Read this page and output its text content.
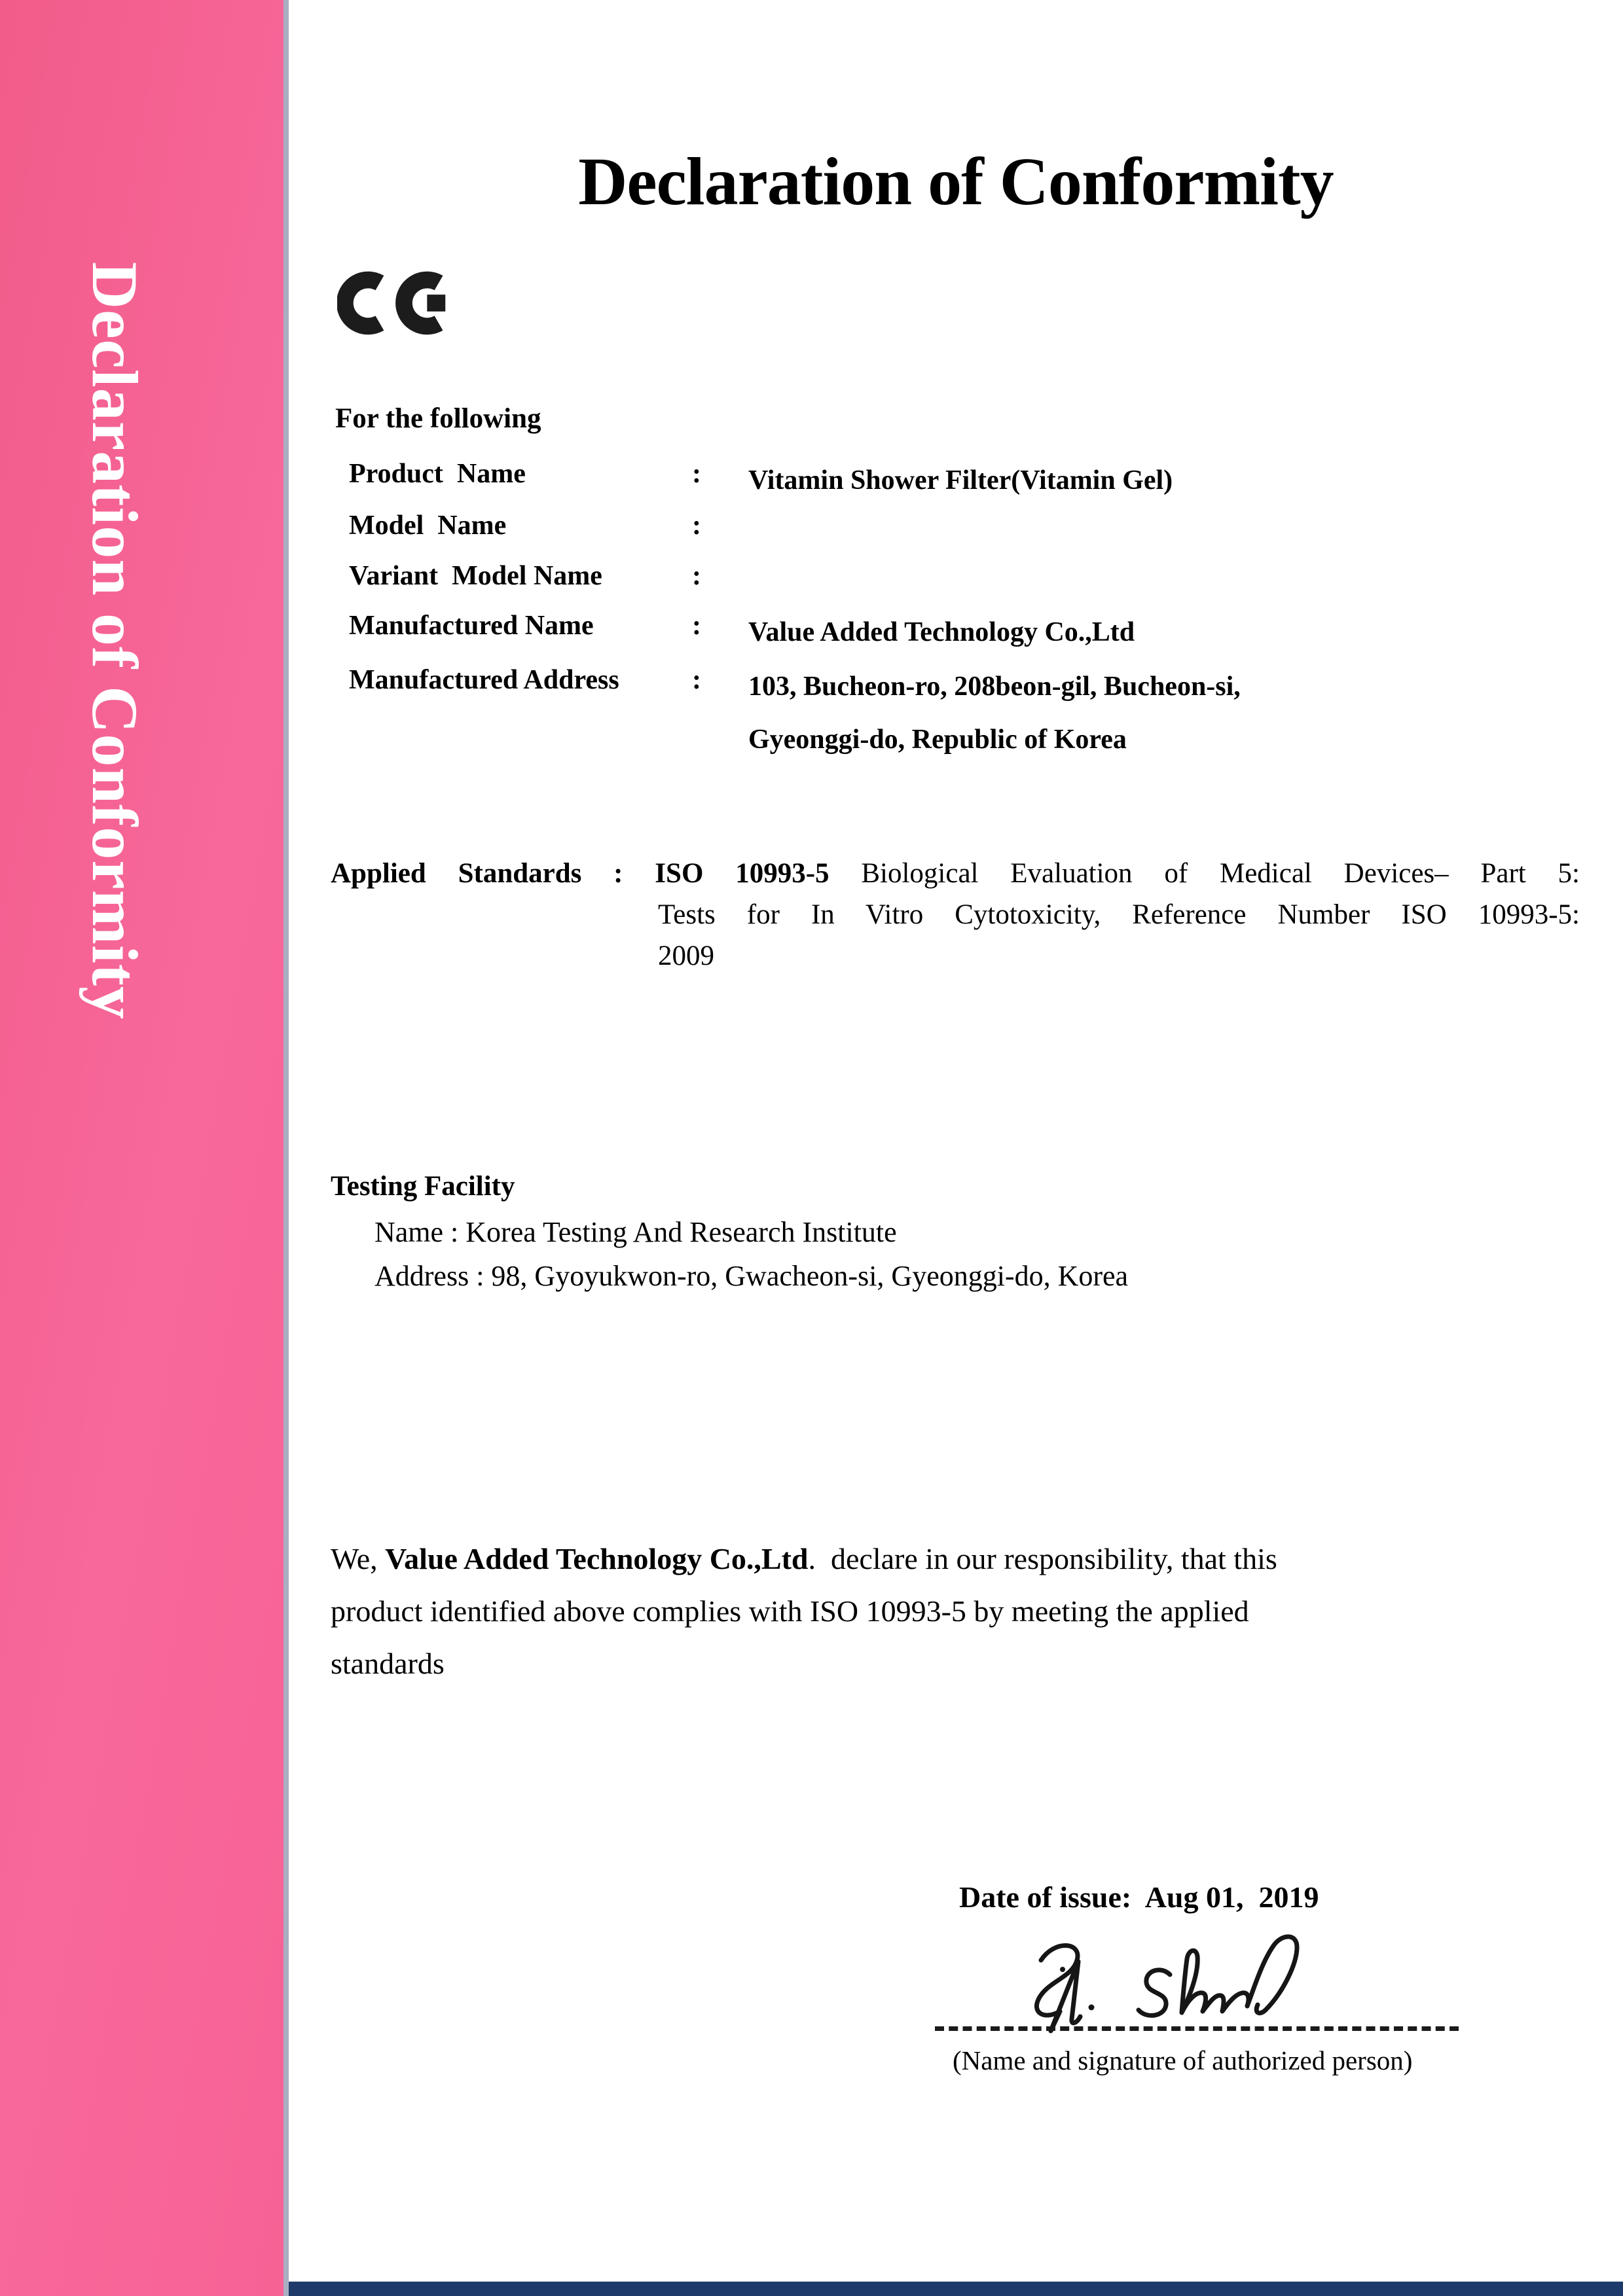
Declaration of Conformity
Declaration of Conformity
For the following
Product  Name	:	Vitamin Shower Filter(Vitamin Gel)
Model  Name	:
Variant  Model Name	:
Manufactured Name	:	Value Added Technology Co.,Ltd
Manufactured Address	:	103, Bucheon-ro, 208beon-gil, Bucheon-si,
Gyeonggi-do, Republic of Korea
Applied Standards : ISO 10993-5 Biological Evaluation of Medical Devices– Part 5:
Tests for In Vitro Cytotoxicity, Reference Number ISO 10993-5:
2009
Testing Facility
Name : Korea Testing And Research Institute
Address : 98, Gyoyukwon-ro, Gwacheon-si, Gyeonggi-do, Korea
We, Value Added Technology Co.,Ltd.  declare in our responsibility, that this
product identified above complies with ISO 10993-5 by meeting the applied
standards
Date of issue:  Aug 01,  2019
(Name and signature of authorized person)
